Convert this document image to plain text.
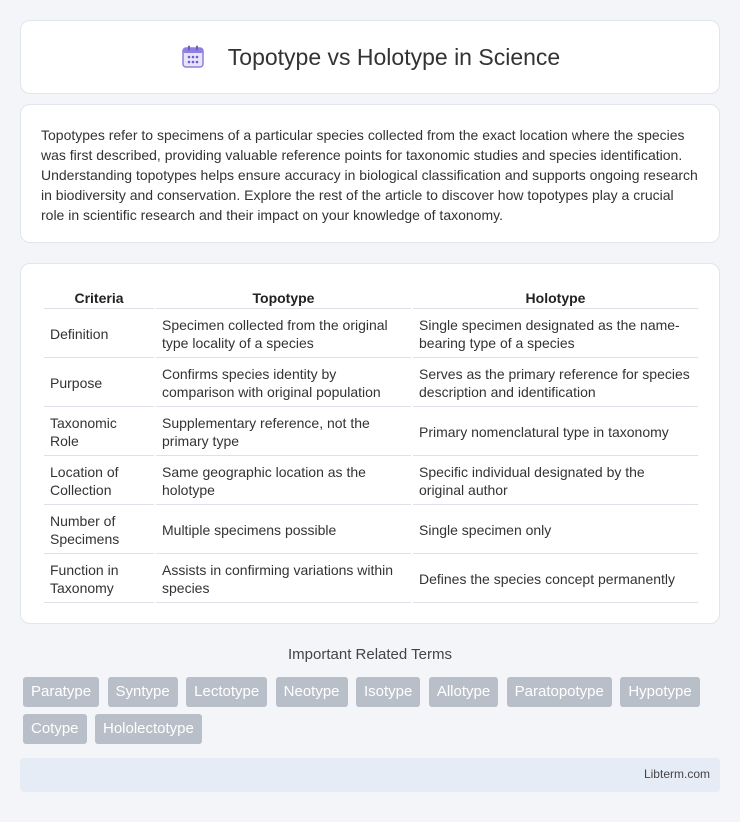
Topotype vs Holotype in Science

Topotypes refer to specimens of a particular species collected from the exact location where the species was first described, providing valuable reference points for taxonomic studies and species identification. Understanding topotypes helps ensure accuracy in biological classification and supports ongoing research in biodiversity and conservation. Explore the rest of the article to discover how topotypes play a crucial role in scientific research and their impact on your knowledge of taxonomy.

Criteria	Topotype	Holotype
Definition	Specimen collected from the original type locality of a species	Single specimen designated as the name-bearing type of a species
Purpose	Confirms species identity by comparison with original population	Serves as the primary reference for species description and identification
Taxonomic Role	Supplementary reference, not the primary type	Primary nomenclatural type in taxonomy
Location of Collection	Same geographic location as the holotype	Specific individual designated by the original author
Number of Specimens	Multiple specimens possible	Single specimen only
Function in Taxonomy	Assists in confirming variations within species	Defines the species concept permanently
Important Related Terms
Paratype Syntype Lectotype Neotype Isotype Allotype Paratopotype Hypotype Cotype Hololectotype
Libterm.com
